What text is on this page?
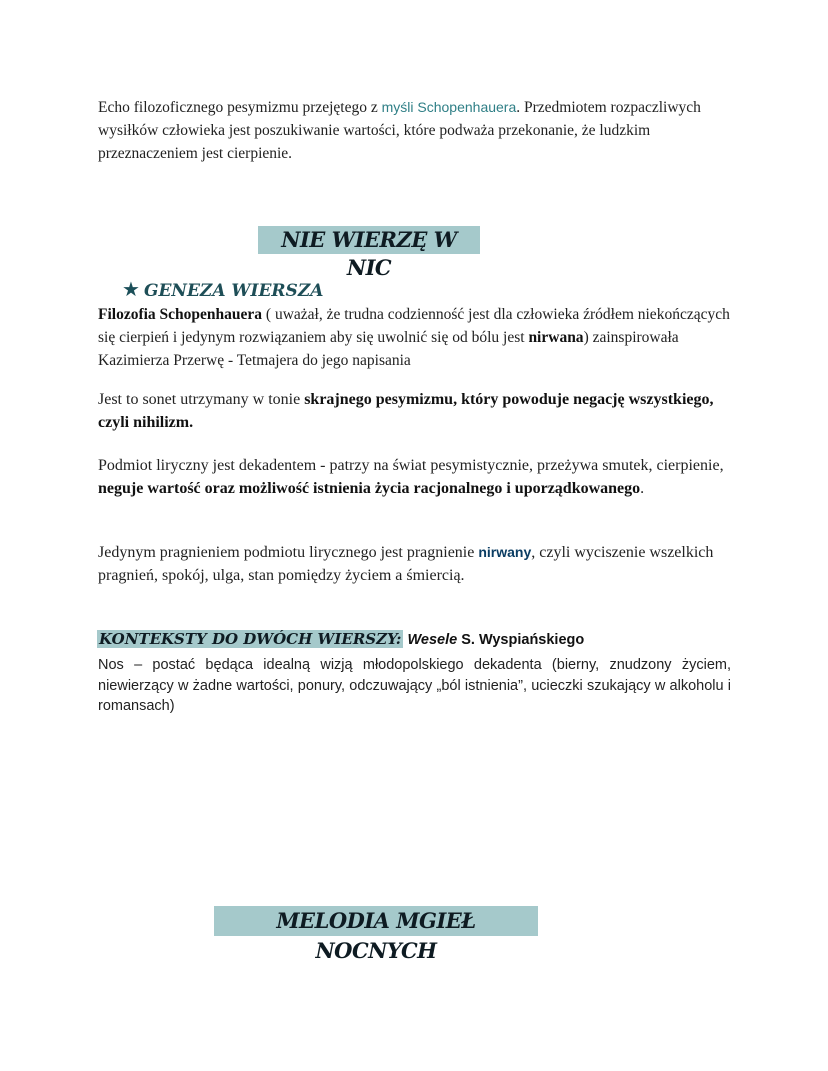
Echo filozoficznego pesymizmu przejętego z myśli Schopenhauera. Przedmiotem rozpaczliwych wysiłków człowieka jest poszukiwanie wartości, które podważa przekonanie, że ludzkim przeznaczeniem jest cierpienie.

NIE WIERZĘ W NIC
★ GENEZA WIERSZA

Filozofia Schopenhauera ( uważał, że trudna codzienność jest dla człowieka źródłem niekończących się cierpień i jedynym rozwiązaniem aby się uwolnić się od bólu jest nirwana) zainspirowała Kazimierza Przerwę - Tetmajera do jego napisania

Jest to sonet utrzymany w tonie skrajnego pesymizmu, który powoduje negację wszystkiego, czyli nihilizm.

Podmiot liryczny jest dekadentem - patrzy na świat pesymistycznie, przeżywa smutek, cierpienie, neguje wartość oraz możliwość istnienia życia racjonalnego i uporządkowanego.

Jedynym pragnieniem podmiotu lirycznego jest pragnienie nirwany, czyli wyciszenie wszelkich pragnień, spokój, ulga, stan pomiędzy życiem a śmiercią.

KONTEKSTY DO DWÓCH WIERSZY: Wesele S. Wyspiańskiego
Nos – postać będąca idealną wizją młodopolskiego dekadenta (bierny, znudzony życiem, niewierzący w żadne wartości, ponury, odczuwający „ból istnienia”, ucieczki szukający w alkoholu i romansach)
MELODIA MGIEŁ NOCNYCH
